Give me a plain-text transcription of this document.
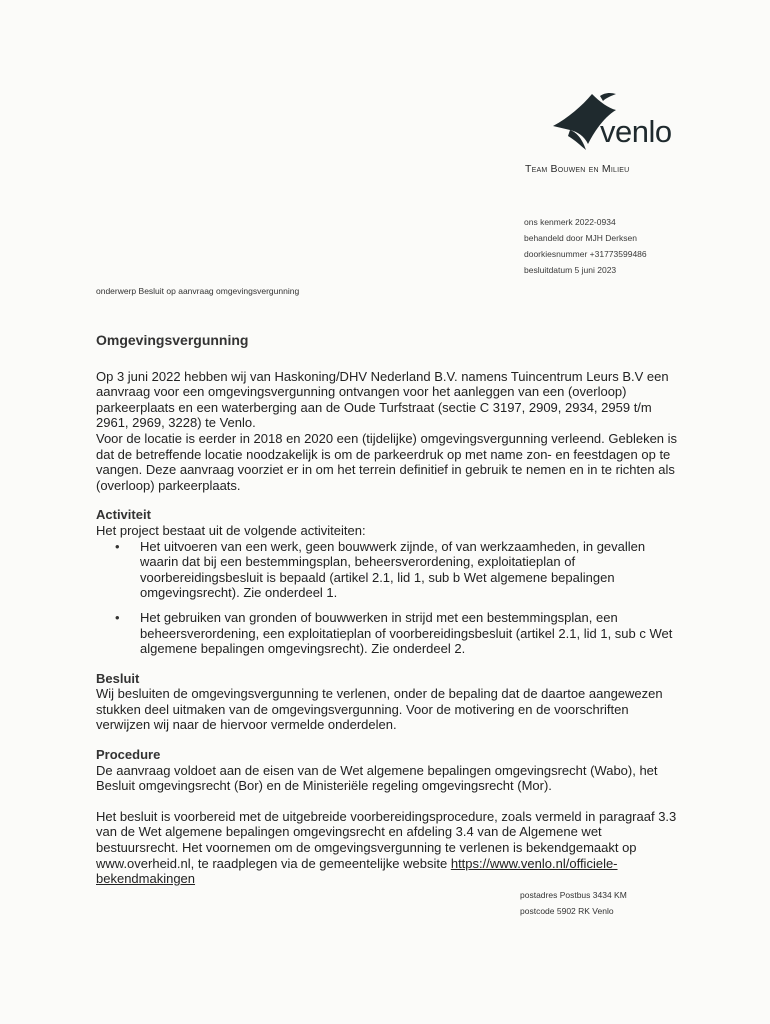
venlo
Team Bouwen en Milieu
ons kenmerk 2022-0934
behandeld door MJH Derksen
doorkiesnummer +31773599486
besluitdatum 5 juni 2023
onderwerp Besluit op aanvraag omgevingsvergunning
Omgevingsvergunning

Op 3 juni 2022 hebben wij van Haskoning/DHV Nederland B.V. namens Tuincentrum Leurs B.V een aanvraag voor een omgevingsvergunning ontvangen voor het aanleggen van een (overloop) parkeerplaats en een waterberging aan de Oude Turfstraat (sectie C 3197, 2909, 2934, 2959 t/m 2961, 2969, 3228) te Venlo.

Voor de locatie is eerder in 2018 en 2020 een (tijdelijke) omgevingsvergunning verleend. Gebleken is dat de betreffende locatie noodzakelijk is om de parkeerdruk op met name zon- en feestdagen op te vangen. Deze aanvraag voorziet er in om het terrein definitief in gebruik te nemen en in te richten als (overloop) parkeerplaats.

Activiteit

Het project bestaat uit de volgende activiteiten:

• Het uitvoeren van een werk, geen bouwwerk zijnde, of van werkzaamheden, in gevallen waarin dat bij een bestemmingsplan, beheersverordening, exploitatieplan of voorbereidingsbesluit is bepaald (artikel 2.1, lid 1, sub b Wet algemene bepalingen omgevingsrecht). Zie onderdeel 1.
• Het gebruiken van gronden of bouwwerken in strijd met een bestemmingsplan, een beheersverordening, een exploitatieplan of voorbereidingsbesluit (artikel 2.1, lid 1, sub c Wet algemene bepalingen omgevingsrecht). Zie onderdeel 2.
Besluit

Wij besluiten de omgevingsvergunning te verlenen, onder de bepaling dat de daartoe aangewezen stukken deel uitmaken van de omgevingsvergunning. Voor de motivering en de voorschriften verwijzen wij naar de hiervoor vermelde onderdelen.

Procedure

De aanvraag voldoet aan de eisen van de Wet algemene bepalingen omgevingsrecht (Wabo), het Besluit omgevingsrecht (Bor) en de Ministeriële regeling omgevingsrecht (Mor).

Het besluit is voorbereid met de uitgebreide voorbereidingsprocedure, zoals vermeld in paragraaf 3.3 van de Wet algemene bepalingen omgevingsrecht en afdeling 3.4 van de Algemene wet bestuursrecht. Het voornemen om de omgevingsvergunning te verlenen is bekendgemaakt op www.overheid.nl, te raadplegen via de gemeentelijke website https://www.venlo.nl/officiele-bekendmakingen

postadres Postbus 3434 KM
postcode 5902 RK Venlo
